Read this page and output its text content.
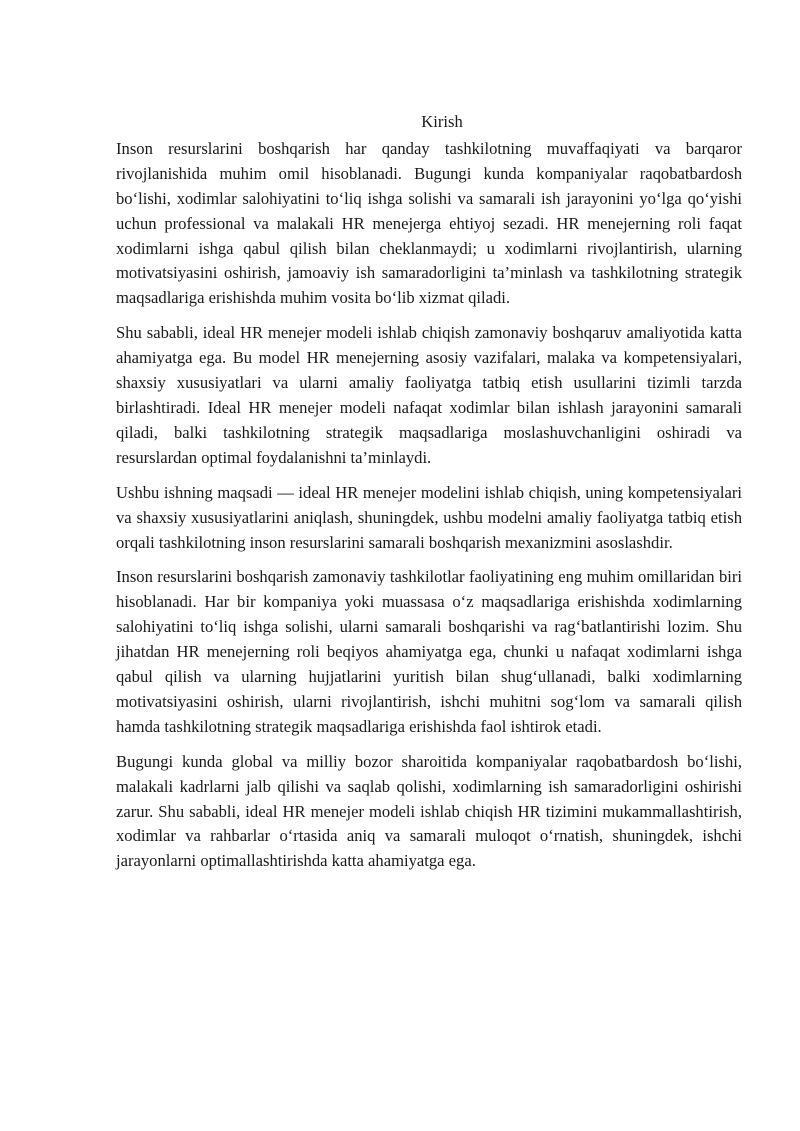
Kirish

Inson resurslarini boshqarish har qanday tashkilotning muvaffaqiyati va barqaror rivojlanishida muhim omil hisoblanadi. Bugungi kunda kompaniyalar raqobatbardosh bo‘lishi, xodimlar salohiyatini to‘liq ishga solishi va samarali ish jarayonini yo‘lga qo‘yishi uchun professional va malakali HR menejerga ehtiyoj sezadi. HR menejerning roli faqat xodimlarni ishga qabul qilish bilan cheklanmaydi; u xodimlarni rivojlantirish, ularning motivatsiyasini oshirish, jamoaviy ish samaradorligini ta’minlash va tashkilotning strategik maqsadlariga erishishda muhim vosita bo‘lib xizmat qiladi.

Shu sababli, ideal HR menejer modeli ishlab chiqish zamonaviy boshqaruv amaliyotida katta ahamiyatga ega. Bu model HR menejerning asosiy vazifalari, malaka va kompetensiyalari, shaxsiy xususiyatlari va ularni amaliy faoliyatga tatbiq etish usullarini tizimli tarzda birlashtiradi. Ideal HR menejer modeli nafaqat xodimlar bilan ishlash jarayonini samarali qiladi, balki tashkilotning strategik maqsadlariga moslashuvchanligini oshiradi va resurslardan optimal foydalanishni ta’minlaydi.

Ushbu ishning maqsadi — ideal HR menejer modelini ishlab chiqish, uning kompetensiyalari va shaxsiy xususiyatlarini aniqlash, shuningdek, ushbu modelni amaliy faoliyatga tatbiq etish orqali tashkilotning inson resurslarini samarali boshqarish mexanizmini asoslashdir.

Inson resurslarini boshqarish zamonaviy tashkilotlar faoliyatining eng muhim omillaridan biri hisoblanadi. Har bir kompaniya yoki muassasa o‘z maqsadlariga erishishda xodimlarning salohiyatini to‘liq ishga solishi, ularni samarali boshqarishi va rag‘batlantirishi lozim. Shu jihatdan HR menejerning roli beqiyos ahamiyatga ega, chunki u nafaqat xodimlarni ishga qabul qilish va ularning hujjatlarini yuritish bilan shug‘ullanadi, balki xodimlarning motivatsiyasini oshirish, ularni rivojlantirish, ishchi muhitni sog‘lom va samarali qilish hamda tashkilotning strategik maqsadlariga erishishda faol ishtirok etadi.

Bugungi kunda global va milliy bozor sharoitida kompaniyalar raqobatbardosh bo‘lishi, malakali kadrlarni jalb qilishi va saqlab qolishi, xodimlarning ish samaradorligini oshirishi zarur. Shu sababli, ideal HR menejer modeli ishlab chiqish HR tizimini mukammallashtirish, xodimlar va rahbarlar o‘rtasida aniq va samarali muloqot o‘rnatish, shuningdek, ishchi jarayonlarni optimallashtirishda katta ahamiyatga ega.
